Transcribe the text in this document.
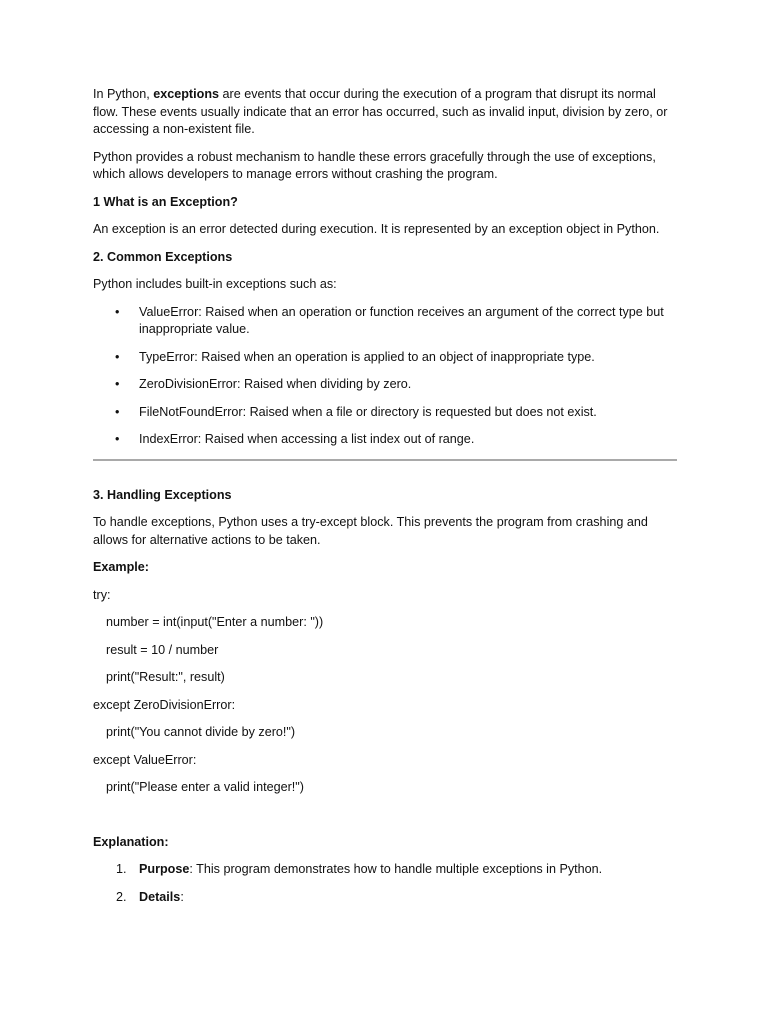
In Python, exceptions are events that occur during the execution of a program that disrupt its normal flow. These events usually indicate that an error has occurred, such as invalid input, division by zero, or accessing a non-existent file.

Python provides a robust mechanism to handle these errors gracefully through the use of exceptions, which allows developers to manage errors without crashing the program.

1 What is an Exception?

An exception is an error detected during execution. It is represented by an exception object in Python.

2. Common Exceptions

Python includes built-in exceptions such as:

• ValueError: Raised when an operation or function receives an argument of the correct type but inappropriate value.
• TypeError: Raised when an operation is applied to an object of inappropriate type.
• ZeroDivisionError: Raised when dividing by zero.
• FileNotFoundError: Raised when a file or directory is requested but does not exist.
• IndexError: Raised when accessing a list index out of range.

3. Handling Exceptions

To handle exceptions, Python uses a try-except block. This prevents the program from crashing and allows for alternative actions to be taken.

Example:

try:

number = int(input("Enter a number: "))

result = 10 / number

print("Result:", result)

except ZeroDivisionError:

print("You cannot divide by zero!")

except ValueError:

print("Please enter a valid integer!")

Explanation:

1. Purpose: This program demonstrates how to handle multiple exceptions in Python.
2. Details:
